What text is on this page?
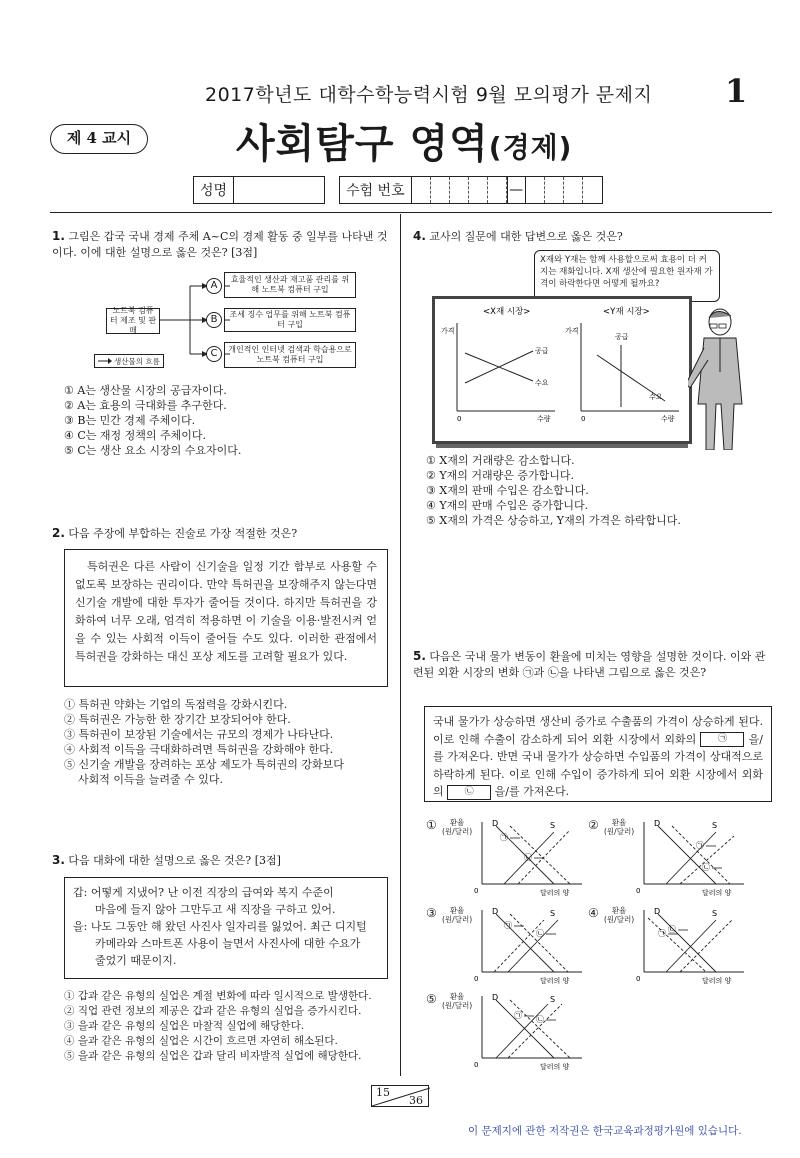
2017학년도 대학수학능력시험 9월 모의평가 문제지 1
제 4 교시	사회탐구 영역(경제)
성명	수험 번호	—
1. 그림은 갑국 국내 경제 주체 A~C의 경제 활동 중 일부를 나타낸 것이다. 이에 대한 설명으로 옳은 것은? [3점]
노트북 컴퓨터 제조 및 판매
A
효율적인 생산과 재고품 관리를 위해 노트북 컴퓨터 구입
B	조세 징수 업무를 위해 노트북 컴퓨터 구입
C	개인적인 인터넷 검색과 학습용으로 노트북 컴퓨터 구입
생산물의 흐름
① A는 생산물 시장의 공급자이다.
② A는 효용의 극대화를 추구한다.
③ B는 민간 경제 주체이다.
④ C는 재정 정책의 주체이다.
⑤ C는 생산 요소 시장의 수요자이다.
2. 다음 주장에 부합하는 진술로 가장 적절한 것은?
특허권은 다른 사람이 신기술을 일정 기간 함부로 사용할 수 없도록 보장하는 권리이다. 만약 특허권을 보장해주지 않는다면 신기술 개발에 대한 투자가 줄어들 것이다. 하지만 특허권을 강화하여 너무 오래, 엄격히 적용하면 이 기술을 이용·발전시켜 얻을 수 있는 사회적 이득이 줄어들 수도 있다. 이러한 관점에서 특허권을 강화하는 대신 포상 제도를 고려할 필요가 있다.
① 특허권 약화는 기업의 독점력을 강화시킨다.
② 특허권은 가능한 한 장기간 보장되어야 한다.
③ 특허권이 보장된 기술에서는 규모의 경제가 나타난다.
④ 사회적 이득을 극대화하려면 특허권을 강화해야 한다.
⑤ 신기술 개발을 장려하는 포상 제도가 특허권의 강화보다
사회적 이득을 늘려줄 수 있다.
3. 다음 대화에 대한 설명으로 옳은 것은? [3점]
갑: 어떻게 지냈어? 난 이전 직장의 급여와 복지 수준이
마음에 들지 않아 그만두고 새 직장을 구하고 있어.
을: 나도 그동안 해 왔던 사진사 일자리를 잃었어. 최근 디지털
카메라와 스마트폰 사용이 늘면서 사진사에 대한 수요가
줄었기 때문이지.
① 갑과 같은 유형의 실업은 계절 변화에 따라 일시적으로 발생한다.
② 직업 관련 정보의 제공은 갑과 같은 유형의 실업을 증가시킨다.
③ 을과 같은 유형의 실업은 마찰적 실업에 해당한다.
④ 을과 같은 유형의 실업은 시간이 흐르면 자연히 해소된다.
⑤ 을과 같은 유형의 실업은 갑과 달리 비자발적 실업에 해당한다.
4. 교사의 질문에 대한 답변으로 옳은 것은?
X재와 Y재는 함께 사용할으로써 효용이 더 커지는 재화입니다. X재 생산에 필요한 원자재 가격이 하락한다면 어떻게 될까요?
<X재 시장>	<Y재 시장>
가격
0	수량
공급
수요
가격
0	수량
공급
수요
① X재의 거래량은 감소합니다.
② Y재의 거래량은 증가합니다.
③ X재의 판매 수입은 감소합니다.
④ Y재의 판매 수입은 증가합니다.
⑤ X재의 가격은 상승하고, Y재의 가격은 하락합니다.
5. 다음은 국내 물가 변동이 환율에 미치는 영향을 설명한 것이다. 이와 관련된 외환 시장의 변화 ㉠과 ㉡을 나타낸 그림으로 옳은 것은?
국내 물가가 상승하면 생산비 증가로 수출품의 가격이 상승하게 된다. 이로 인해 수출이 감소하게 되어 외환 시장에서 외화의 ㉠ 을/를 가져온다. 반면 국내 물가가 상승하면 수입품의 가격이 상대적으로 하락하게 된다. 이로 인해 수입이 증가하게 되어 외환 시장에서 외화의 ㉡ 을/를 가져온다.
①	환율
(원/달러)
D	S
0	달러의 양
㉠
㉡
②	환율
(원/달러)
D	S
0	달러의 양
㉠
㉡
③	환율
(원/달러)
D	S
0	달러의 양
㉠
㉡
④	환율
(원/달러)
D	S
0	달러의 양
㉠ ㉡
⑤	환율
(원/달러)
D	S
0	달러의 양
㉠ ㉡
15
36
이 문제지에 관한 저작권은 한국교육과정평가원에 있습니다.
